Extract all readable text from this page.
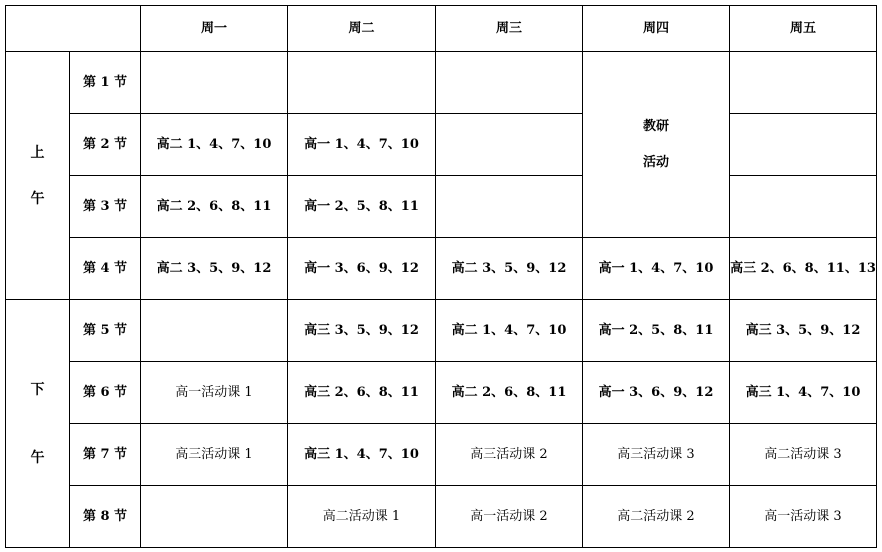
		周一	周二	周三	周四	周五

上
午	第 1 节				教研
活动	

	第 2 节	高二 1、4、7、10	高一 1、4、7、10			
	第 3 节	高二 2、6、8、11	高一 2、5、8、11			
	第 4 节	高二 3、5、9、12	高一 3、6、9、12	高二 3、5、9、12	高一 1、4、7、10	高三 2、6、8、11、13

下
午	第 5 节		高三 3、5、9、12	高二 1、4、7、10	高一 2、5、8、11	高三 3、5、9、12
	第 6 节	高一活动课 1	高三 2、6、8、11	高二 2、6、8、11	高一 3、6、9、12	高三 1、4、7、10
	第 7 节	高三活动课 1	高三 1、4、7、10	高三活动课 2	高三活动课 3	高二活动课 3
	第 8 节		高二活动课 1	高一活动课 2	高二活动课 2	高一活动课 3
